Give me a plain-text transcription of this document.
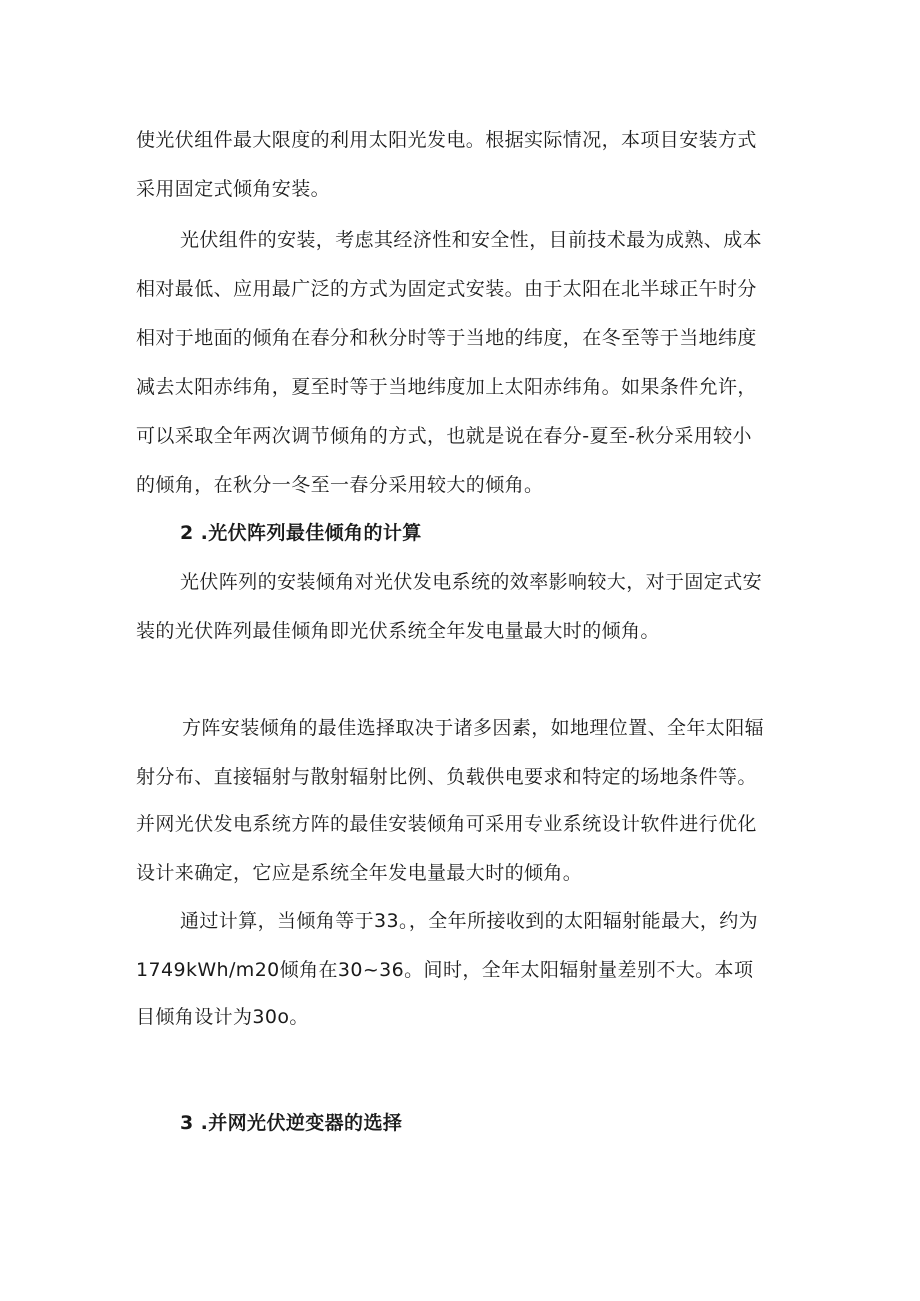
使光伏组件最大限度的利用太阳光发电。根据实际情况，本项目安装方式
采用固定式倾角安装。
光伏组件的安装，考虑其经济性和安全性，目前技术最为成熟、成本
相对最低、应用最广泛的方式为固定式安装。由于太阳在北半球正午时分
相对于地面的倾角在春分和秋分时等于当地的纬度，在冬至等于当地纬度
减去太阳赤纬角，夏至时等于当地纬度加上太阳赤纬角。如果条件允许，
可以采取全年两次调节倾角的方式，也就是说在春分-夏至-秋分采用较小
的倾角，在秋分一冬至一春分采用较大的倾角。
2 .光伏阵列最佳倾角的计算
光伏阵列的安装倾角对光伏发电系统的效率影响较大，对于固定式安
装的光伏阵列最佳倾角即光伏系统全年发电量最大时的倾角。
方阵安装倾角的最佳选择取决于诸多因素，如地理位置、全年太阳辐
射分布、直接辐射与散射辐射比例、负载供电要求和特定的场地条件等。
并网光伏发电系统方阵的最佳安装倾角可采用专业系统设计软件进行优化
设计来确定，它应是系统全年发电量最大时的倾角。
通过计算，当倾角等于33。，全年所接收到的太阳辐射能最大，约为
1749kWh∕m20倾角在30~36。间时，全年太阳辐射量差别不大。本项
目倾角设计为30o。
3 .并网光伏逆变器的选择
